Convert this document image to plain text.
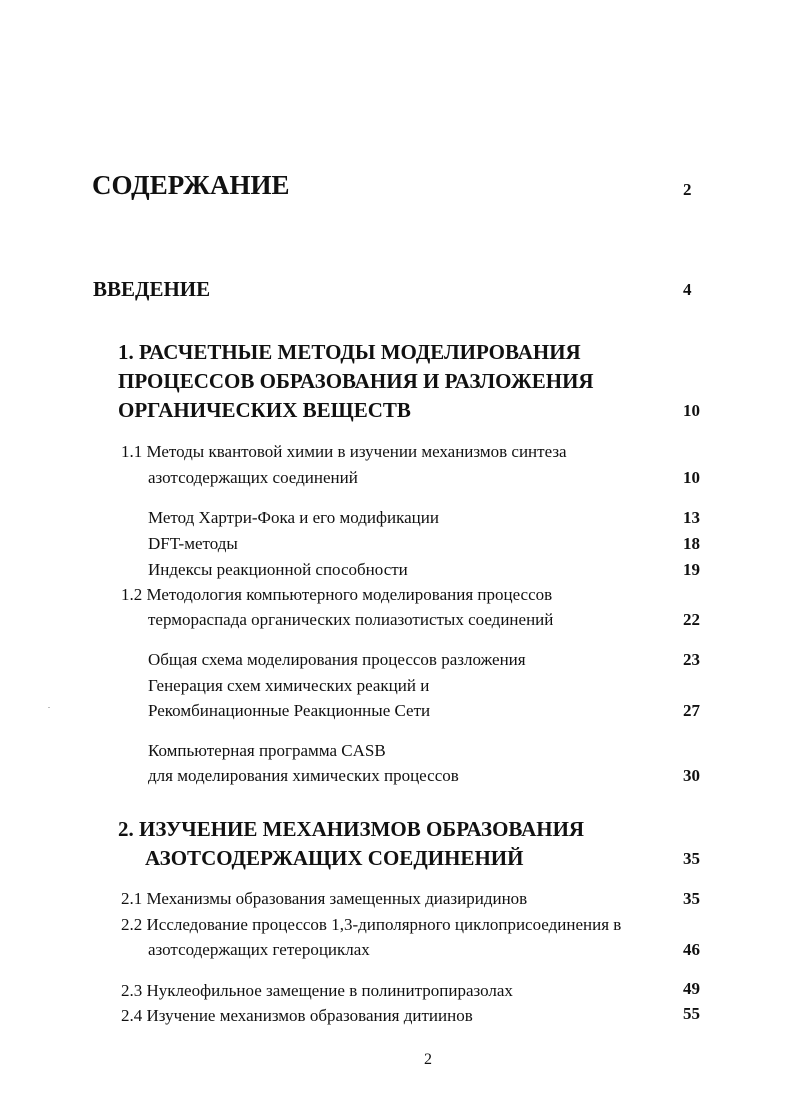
СОДЕРЖАНИЕ	2
ВВЕДЕНИЕ	4
1. РАСЧЕТНЫЕ МЕТОДЫ МОДЕЛИРОВАНИЯ
ПРОЦЕССОВ ОБРАЗОВАНИЯ И РАЗЛОЖЕНИЯ
ОРГАНИЧЕСКИХ ВЕЩЕСТВ	10
1.1 Методы квантовой химии в изучении механизмов синтеза
азотсодержащих соединений	10
Метод Хартри-Фока и его модификации	13
DFT-методы	18
Индексы реакционной способности	19
1.2 Методология компьютерного моделирования процессов
терморaспада органических полиазотистых соединений	22
Общая схема моделирования процессов разложения	23
Генерация схем химических реакций и
Рекомбинационные Реакционные Сети	27
Компьютерная программа CASB
для моделирования химических процессов	30
2. ИЗУЧЕНИЕ МЕХАНИЗМОВ ОБРАЗОВАНИЯ
АЗОТСОДЕРЖАЩИХ СОЕДИНЕНИЙ	35
2.1 Механизмы образования замещенных диазиридинов	35
2.2 Исследование процессов 1,3-диполярного циклоприсоединения в
азотсодержащих гетероциклах	46
2.3 Нуклеофильное замещение в полинитропиразолах	49
2.4 Изучение механизмов образования дитиинов	55
2
